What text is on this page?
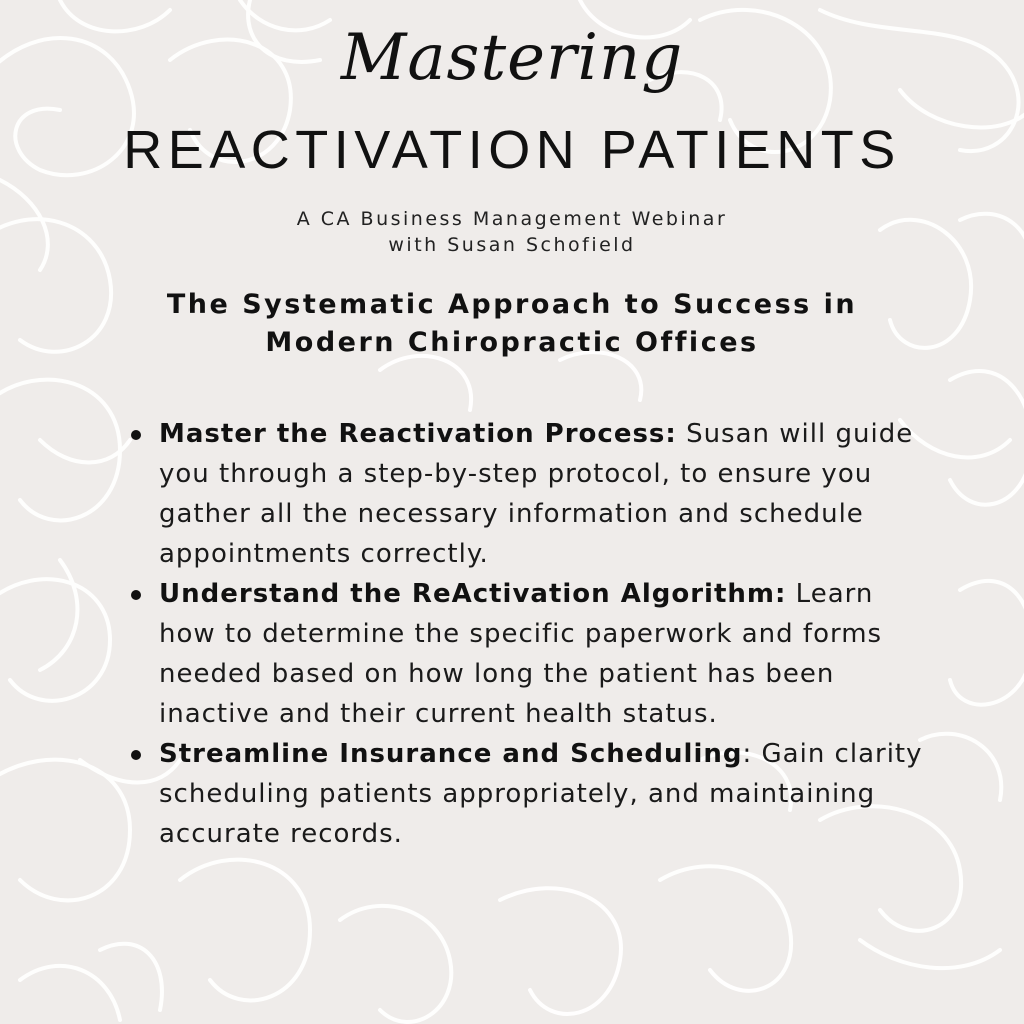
Mastering
REACTIVATION PATIENTS
A CA Business Management Webinar
with Susan Schofield
The Systematic Approach to Success in
Modern Chiropractic Offices
Master the Reactivation Process: Susan will guide you through a step-by-step protocol, to ensure you gather all the necessary information and schedule appointments correctly.
Understand the ReActivation Algorithm: Learn how to determine the specific paperwork and forms needed based on how long the patient has been inactive and their current health status.
Streamline Insurance and Scheduling: Gain clarity scheduling patients appropriately, and maintaining accurate records.
